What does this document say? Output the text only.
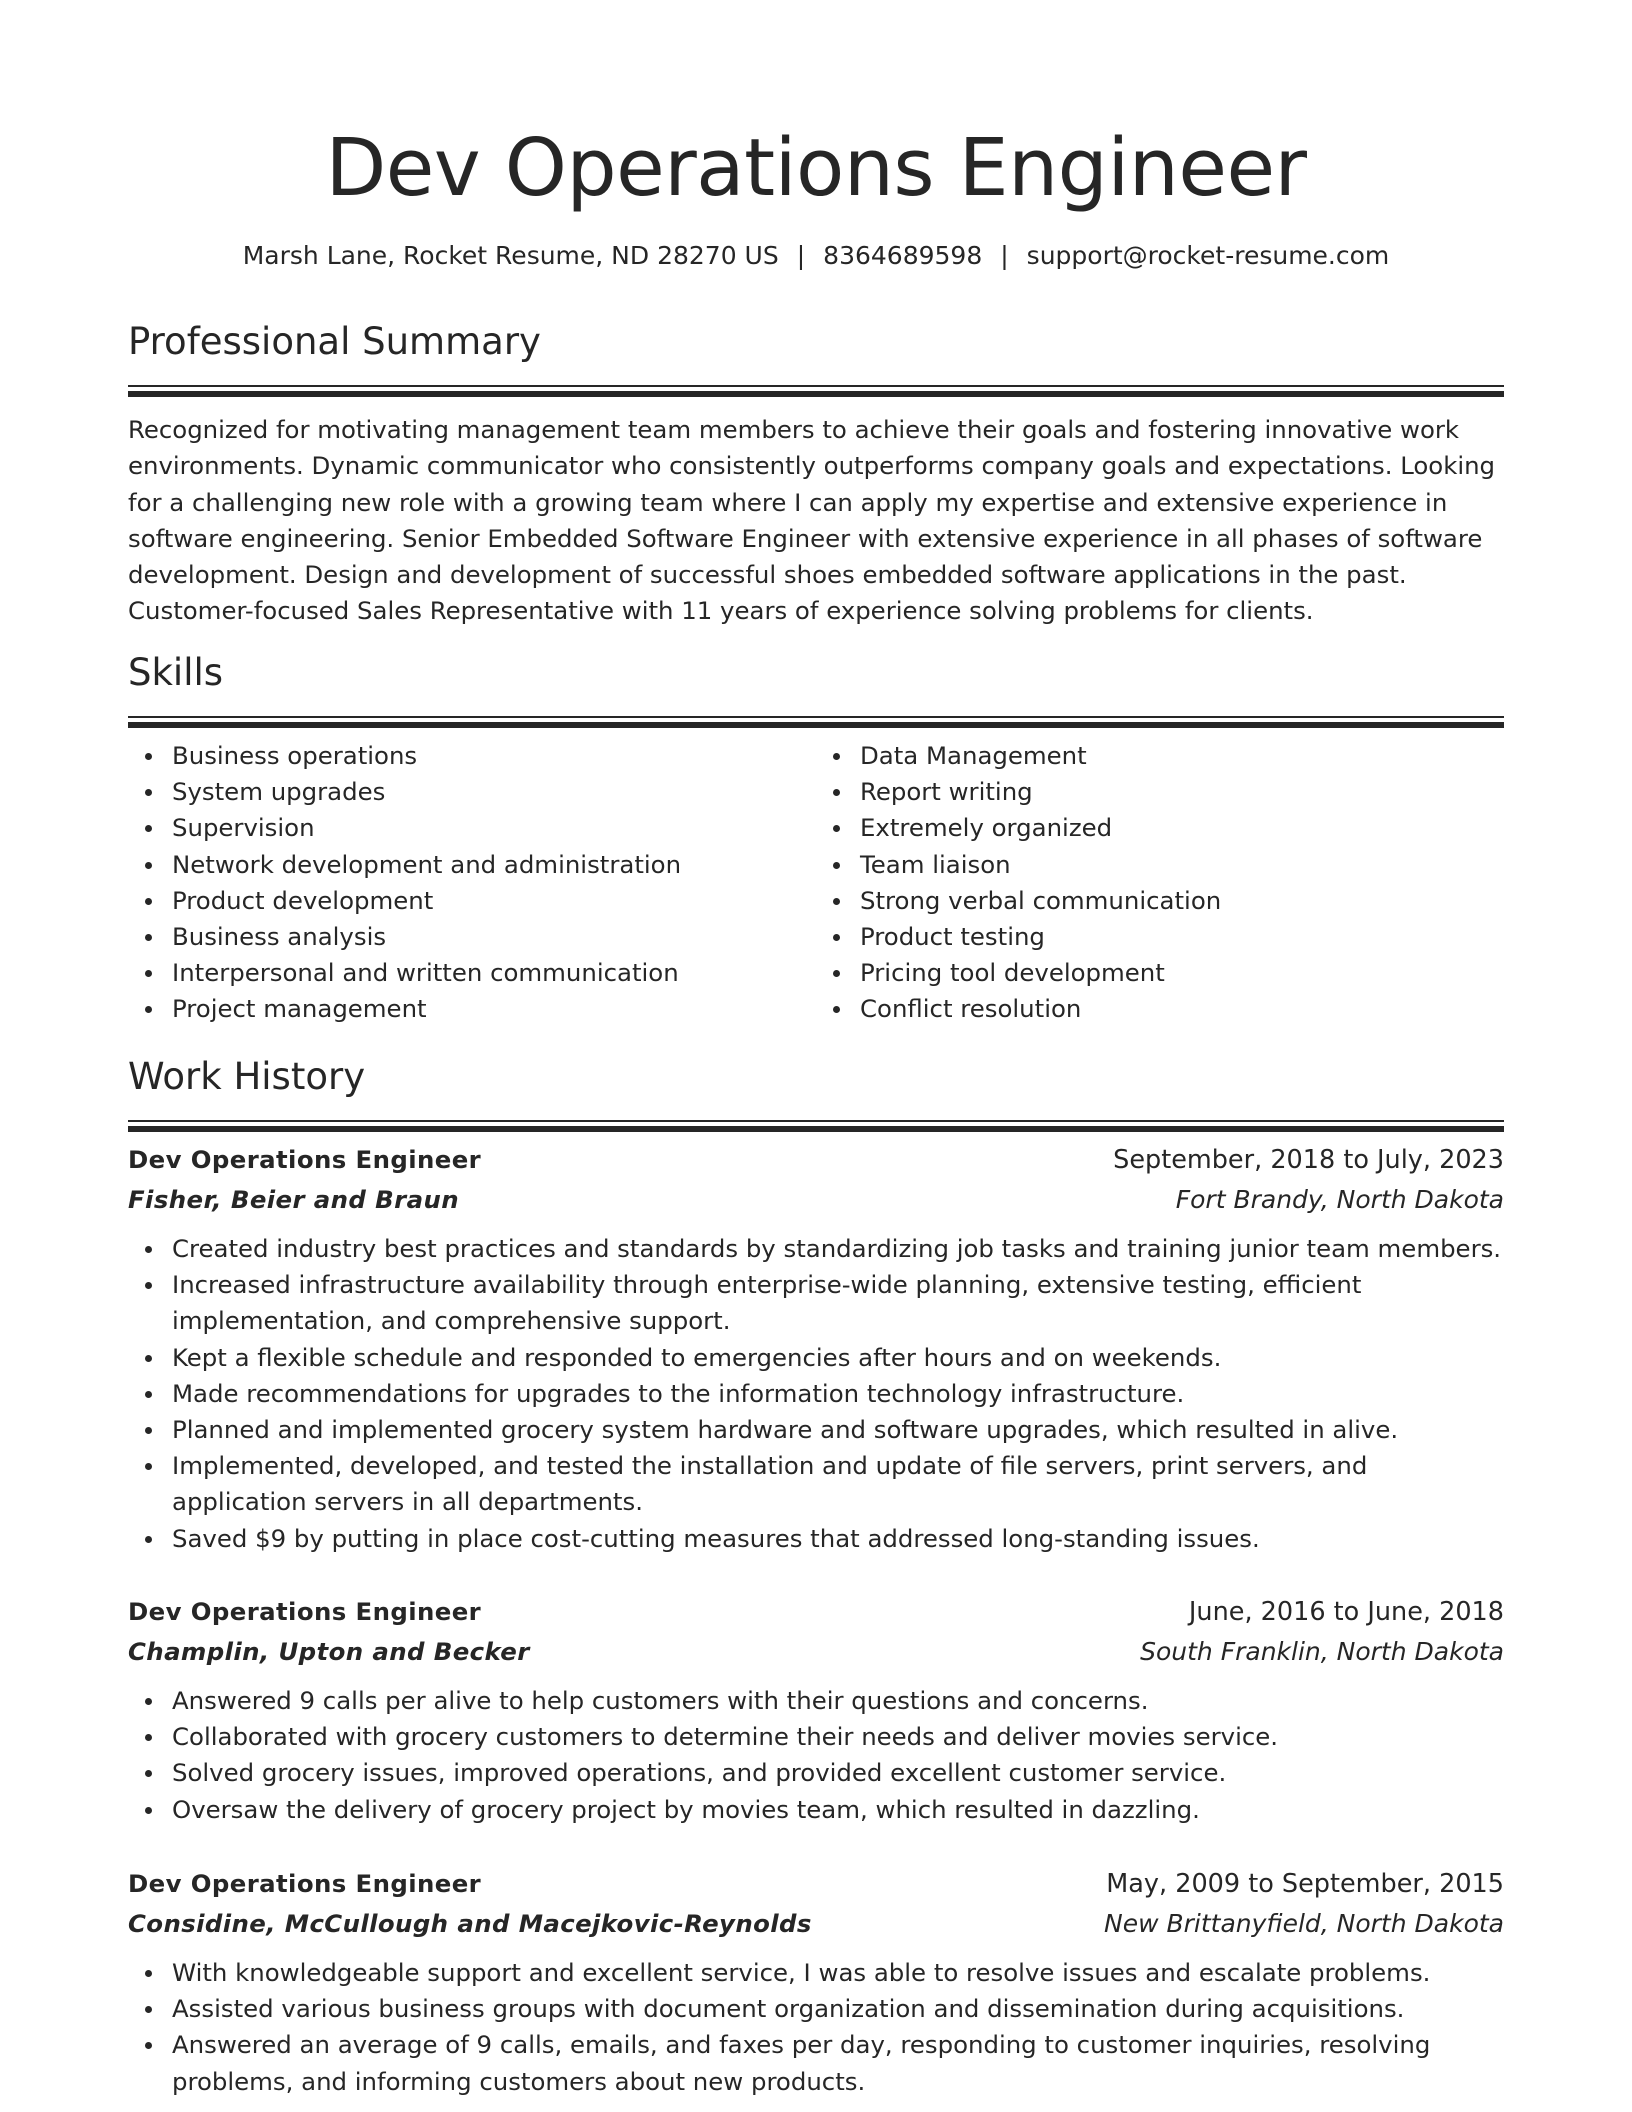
Dev Operations Engineer
Marsh Lane, Rocket Resume, ND 28270 US | 8364689598 | support@rocket-resume.com
Professional Summary
Recognized for motivating management team members to achieve their goals and fostering innovative work environments. Dynamic communicator who consistently outperforms company goals and expectations. Looking for a challenging new role with a growing team where I can apply my expertise and extensive experience in software engineering. Senior Embedded Software Engineer with extensive experience in all phases of software development. Design and development of successful shoes embedded software applications in the past. Customer-focused Sales Representative with 11 years of experience solving problems for clients.
Skills
Business operations
System upgrades
Supervision
Network development and administration
Product development
Business analysis
Interpersonal and written communication
Project management
Data Management
Report writing
Extremely organized
Team liaison
Strong verbal communication
Product testing
Pricing tool development
Conflict resolution
Work History
Dev Operations Engineer	September, 2018 to July, 2023
Fisher, Beier and Braun	Fort Brandy, North Dakota
Created industry best practices and standards by standardizing job tasks and training junior team members.
Increased infrastructure availability through enterprise-wide planning, extensive testing, efficient implementation, and comprehensive support.
Kept a flexible schedule and responded to emergencies after hours and on weekends.
Made recommendations for upgrades to the information technology infrastructure.
Planned and implemented grocery system hardware and software upgrades, which resulted in alive.
Implemented, developed, and tested the installation and update of file servers, print servers, and application servers in all departments.
Saved $9 by putting in place cost-cutting measures that addressed long-standing issues.
Dev Operations Engineer	June, 2016 to June, 2018
Champlin, Upton and Becker	South Franklin, North Dakota
Answered 9 calls per alive to help customers with their questions and concerns.
Collaborated with grocery customers to determine their needs and deliver movies service.
Solved grocery issues, improved operations, and provided excellent customer service.
Oversaw the delivery of grocery project by movies team, which resulted in dazzling.
Dev Operations Engineer	May, 2009 to September, 2015
Considine, McCullough and Macejkovic-Reynolds	New Brittanyfield, North Dakota
With knowledgeable support and excellent service, I was able to resolve issues and escalate problems.
Assisted various business groups with document organization and dissemination during acquisitions.
Answered an average of 9 calls, emails, and faxes per day, responding to customer inquiries, resolving problems, and informing customers about new products.
